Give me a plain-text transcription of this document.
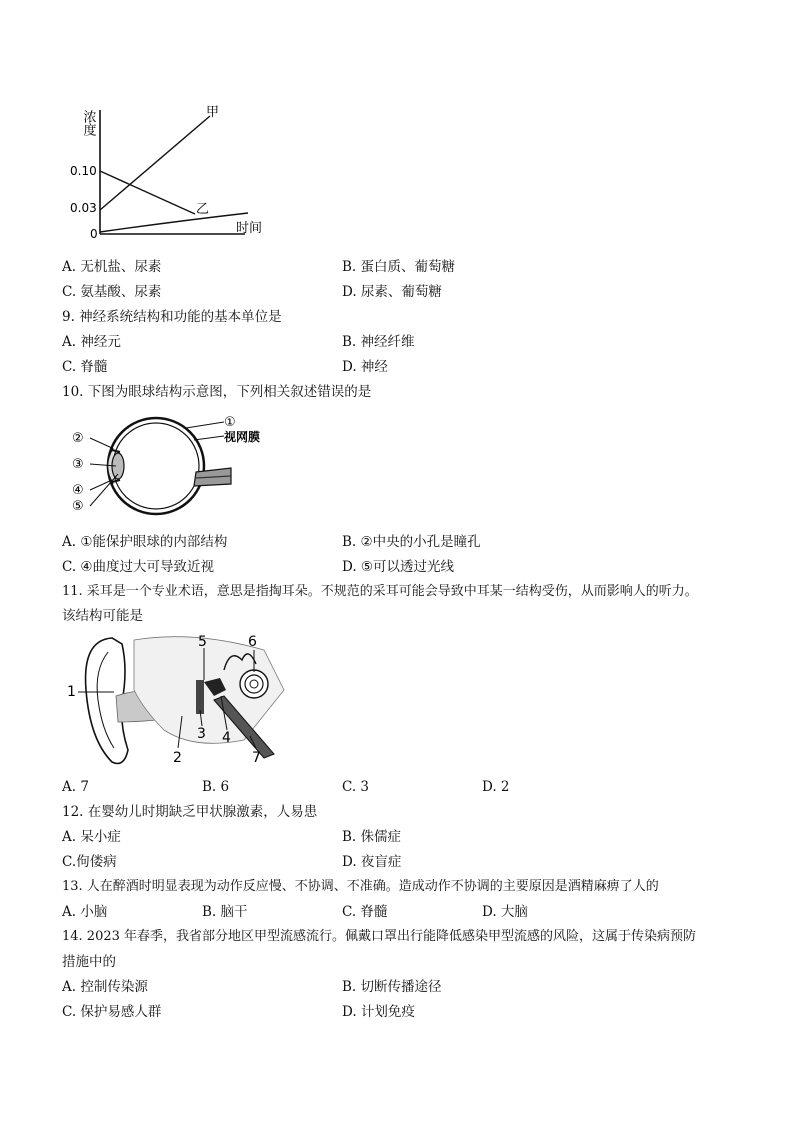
浓度
时间
0
0.10
0.03
甲
乙
A. 无机盐、尿素	B. 蛋白质、葡萄糖
C. 氨基酸、尿素	D. 尿素、葡萄糖
9. 神经系统结构和功能的基本单位是
A. 神经元	B. 神经纤维
C. 脊髓	D. 神经
10. 下图为眼球结构示意图，下列相关叙述错误的是
①
视网膜
②
③
④
⑤
A. ①能保护眼球的内部结构	B. ②中央的小孔是瞳孔
C. ④曲度过大可导致近视	D. ⑤可以透过光线
11. 采耳是一个专业术语，意思是指掏耳朵。不规范的采耳可能会导致中耳某一结构受伤，从而影响人的听力。
该结构可能是
1
2
3 4
5	6
7
A. 7	B. 6	C. 3	D. 2
12. 在婴幼儿时期缺乏甲状腺激素，人易患
A. 呆小症	B. 侏儒症
C.佝偻病	D. 夜盲症
13. 人在醉酒时明显表现为动作反应慢、不协调、不准确。造成动作不协调的主要原因是酒精麻痹了人的
A. 小脑	B. 脑干	C. 脊髓	D. 大脑
14. 2023 年春季，我省部分地区甲型流感流行。佩戴口罩出行能降低感染甲型流感的风险，这属于传染病预防
措施中的
A. 控制传染源	B. 切断传播途径
C. 保护易感人群	D. 计划免疫
